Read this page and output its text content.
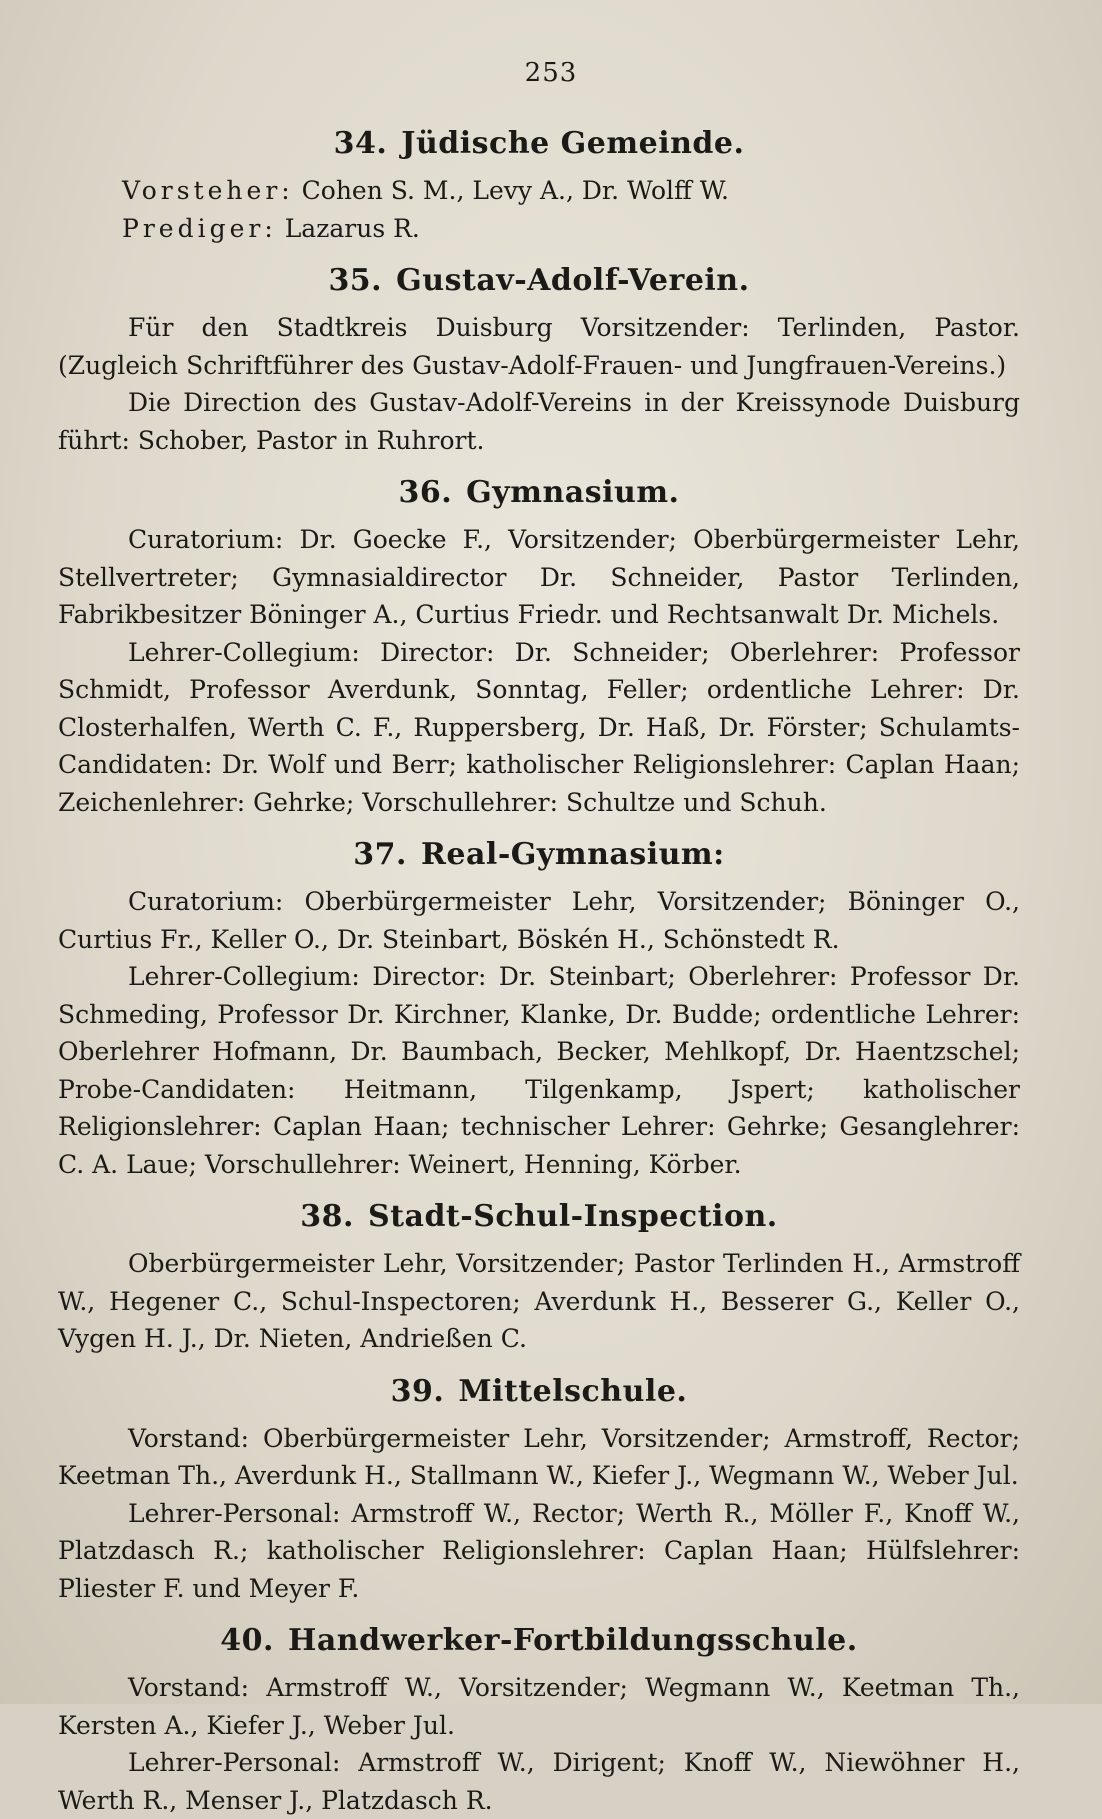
253
34. Jüdische Gemeinde.
Vorsteher: Cohen S. M., Levy A., Dr. Wolff W.
Prediger: Lazarus R.
35. Gustav-Adolf-Verein.

Für den Stadtkreis Duisburg Vorsitzender: Terlinden, Pastor. (Zugleich Schriftführer des Gustav-Adolf-Frauen- und Jungfrauen-Vereins.)

Die Direction des Gustav-Adolf-Vereins in der Kreissynode Duisburg führt: Schober, Pastor in Ruhrort.

36. Gymnasium.

Curatorium: Dr. Goecke F., Vorsitzender; Oberbürgermeister Lehr, Stellvertreter; Gymnasialdirector Dr. Schneider, Pastor Terlinden, Fabrikbesitzer Böninger A., Curtius Friedr. und Rechtsanwalt Dr. Michels.

Lehrer-Collegium: Director: Dr. Schneider; Oberlehrer: Professor Schmidt, Professor Averdunk, Sonntag, Feller; ordentliche Lehrer: Dr. Closterhalfen, Werth C. F., Ruppersberg, Dr. Haß, Dr. Förster; Schulamts-Candidaten: Dr. Wolf und Berr; katholischer Religionslehrer: Caplan Haan; Zeichenlehrer: Gehrke; Vorschullehrer: Schultze und Schuh.

37. Real-Gymnasium:

Curatorium: Oberbürgermeister Lehr, Vorsitzender; Böninger O., Curtius Fr., Keller O., Dr. Steinbart, Böskén H., Schönstedt R.

Lehrer-Collegium: Director: Dr. Steinbart; Oberlehrer: Professor Dr. Schmeding, Professor Dr. Kirchner, Klanke, Dr. Budde; ordentliche Lehrer: Oberlehrer Hofmann, Dr. Baumbach, Becker, Mehlkopf, Dr. Haentzschel; Probe-Candidaten: Heitmann, Tilgenkamp, Jspert; katholischer Religionslehrer: Caplan Haan; technischer Lehrer: Gehrke; Gesanglehrer: C. A. Laue; Vorschullehrer: Weinert, Henning, Körber.

38. Stadt-Schul-Inspection.

Oberbürgermeister Lehr, Vorsitzender; Pastor Terlinden H., Armstroff W., Hegener C., Schul-Inspectoren; Averdunk H., Besserer G., Keller O., Vygen H. J., Dr. Nieten, Andrießen C.

39. Mittelschule.

Vorstand: Oberbürgermeister Lehr, Vorsitzender; Armstroff, Rector; Keetman Th., Averdunk H., Stallmann W., Kiefer J., Wegmann W., Weber Jul.

Lehrer-Personal: Armstroff W., Rector; Werth R., Möller F., Knoff W., Platzdasch R.; katholischer Religionslehrer: Caplan Haan; Hülfslehrer: Pliester F. und Meyer F.

40. Handwerker-Fortbildungsschule.

Vorstand: Armstroff W., Vorsitzender; Wegmann W., Keetman Th., Kersten A., Kiefer J., Weber Jul.

Lehrer-Personal: Armstroff W., Dirigent; Knoff W., Niewöhner H., Werth R., Menser J., Platzdasch R.
